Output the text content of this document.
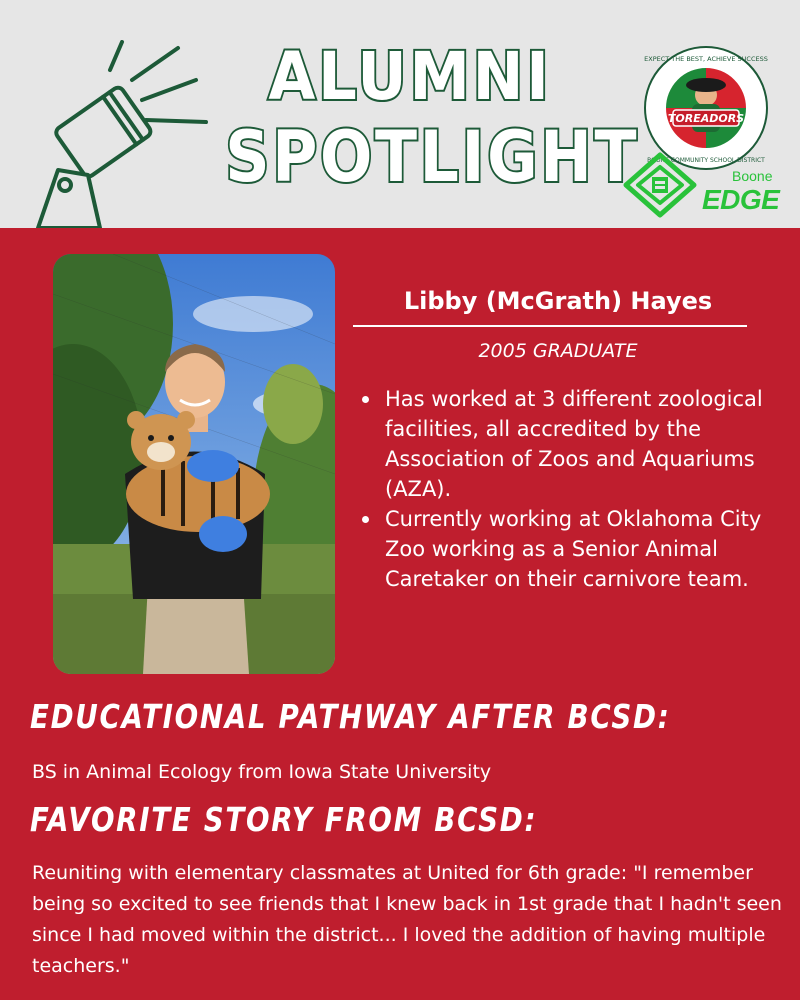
ALUMNI
SPOTLIGHT	TOREADORS
EXPECT THE BEST, ACHIEVE SUCCESS
BOONE COMMUNITY SCHOOL DISTRICT
Boone
EDGE
Libby (McGrath) Hayes
2005 GRADUATE
Has worked at 3 different zoological facilities, all accredited by the Association of Zoos and Aquariums (AZA).
Currently working at Oklahoma City Zoo working as a Senior Animal Caretaker on their carnivore team.
EDUCATIONAL PATHWAY AFTER BCSD:
BS in Animal Ecology from Iowa State University
FAVORITE STORY FROM BCSD:
Reuniting with elementary classmates at United for 6th grade: "I remember being so excited to see friends that I knew back in 1st grade that I hadn't seen since I had moved within the district... I loved the addition of having multiple teachers."
